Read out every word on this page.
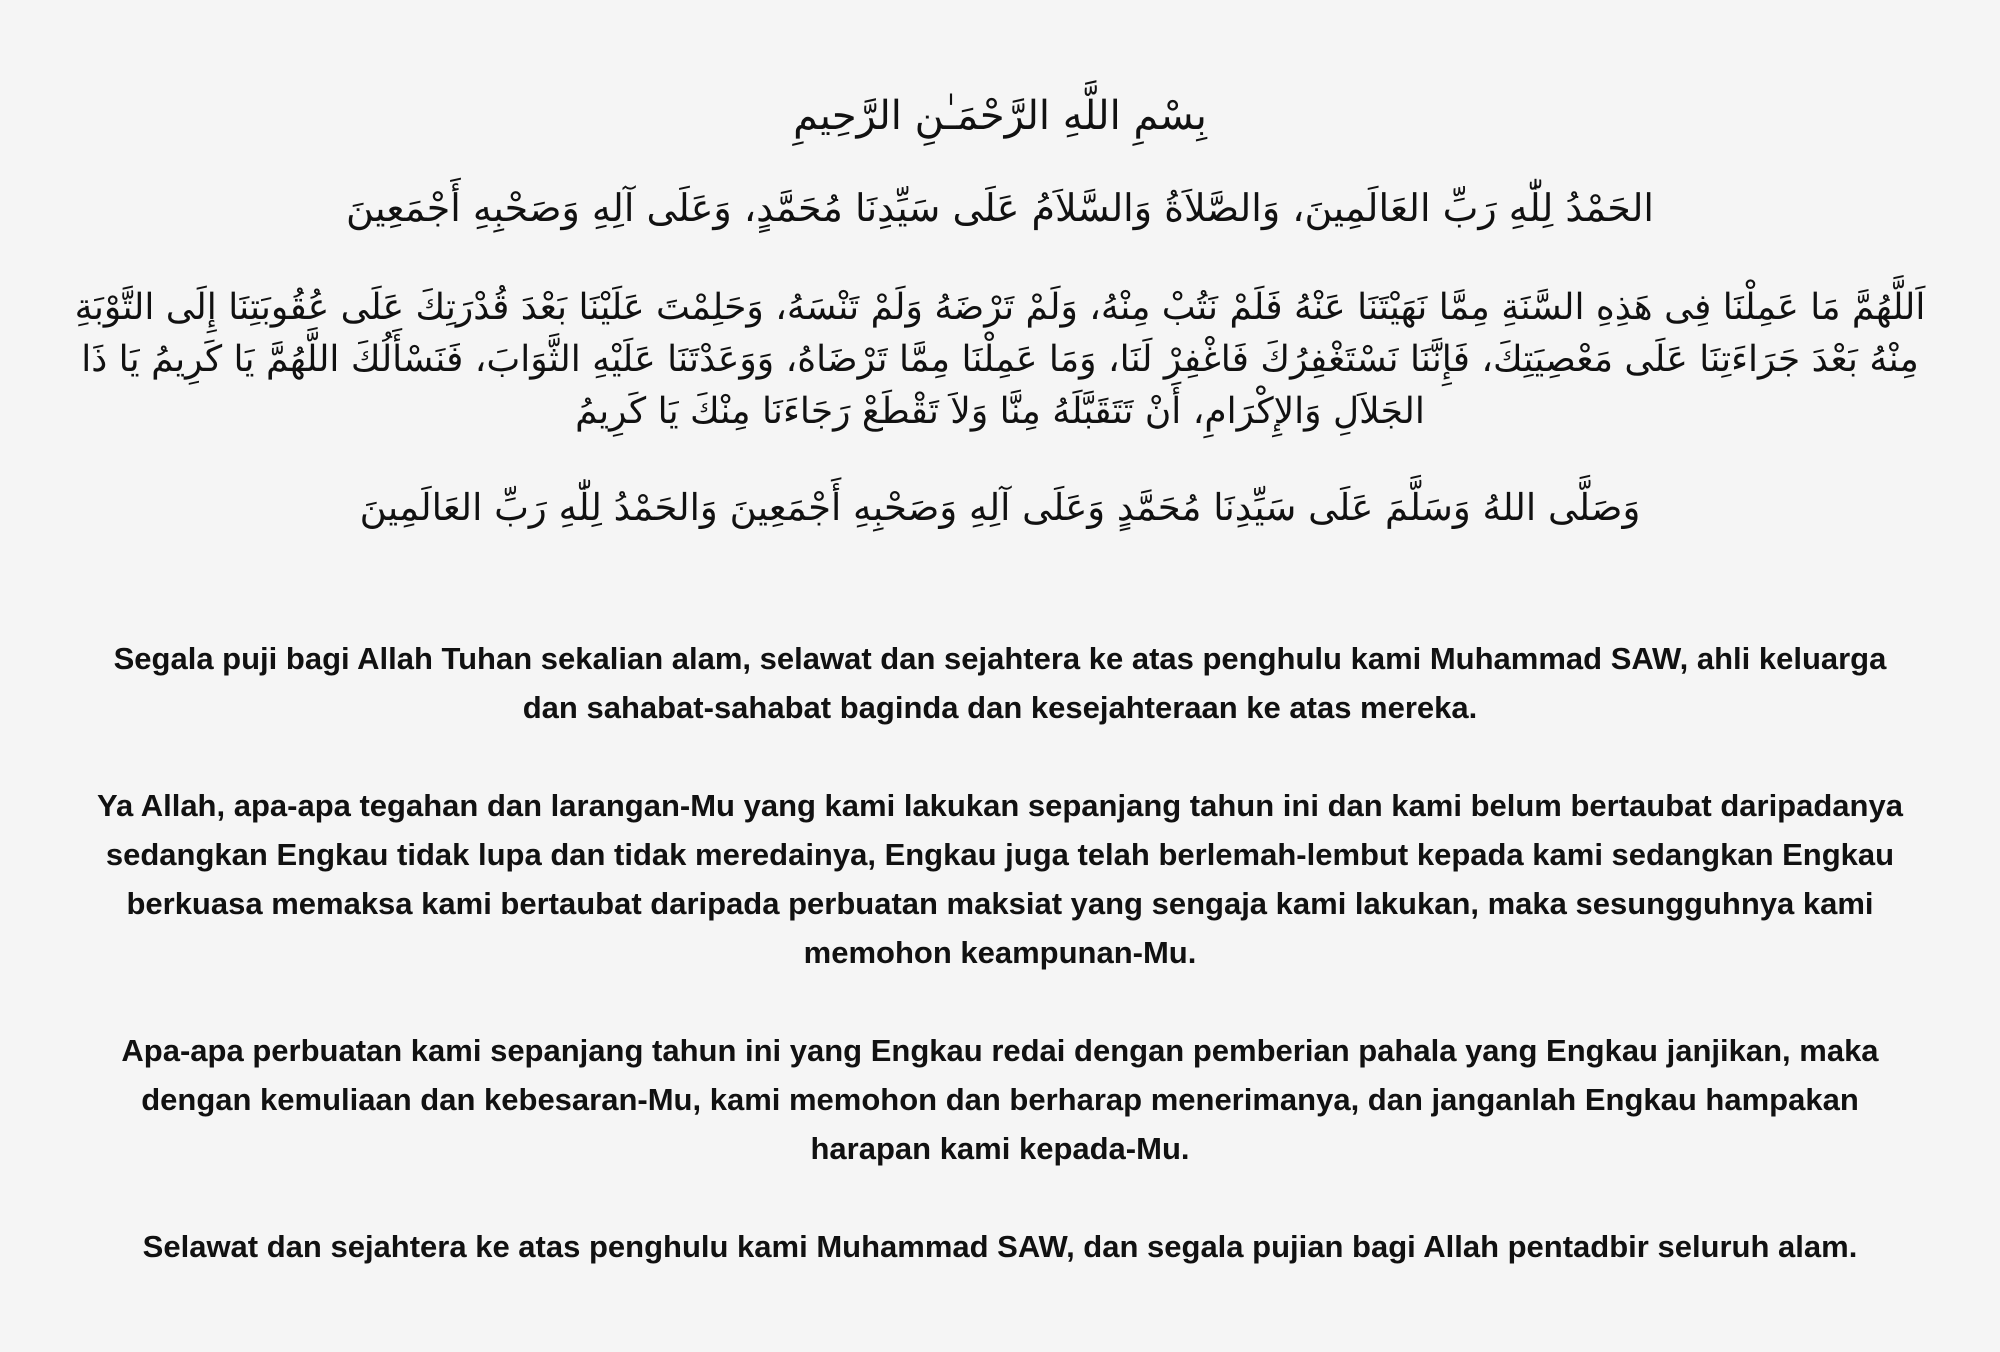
بِسْمِ اللَّهِ الرَّحْمَـٰنِ الرَّحِيمِ
الحَمْدُ لِلّٰهِ رَبِّ العَالَمِينَ، وَالصَّلاَةُ وَالسَّلاَمُ عَلَى سَيِّدِنَا مُحَمَّدٍ، وَعَلَى آلِهِ وَصَحْبِهِ أَجْمَعِينَ
اَللَّهُمَّ مَا عَمِلْنَا فِى هَذِهِ السَّنَةِ مِمَّا نَهَيْتَنَا عَنْهُ فَلَمْ نَتُبْ مِنْهُ، وَلَمْ تَرْضَهُ وَلَمْ تَنْسَهُ، وَحَلِمْتَ عَلَيْنَا بَعْدَ قُدْرَتِكَ عَلَى عُقُوبَتِنَا إِلَى التَّوْبَةِ مِنْهُ بَعْدَ جَرَاءَتِنَا عَلَى مَعْصِيَتِكَ، فَإِنَّنَا نَسْتَغْفِرُكَ فَاغْفِرْ لَنَا، وَمَا عَمِلْنَا مِمَّا تَرْضَاهُ، وَوَعَدْتَنَا عَلَيْهِ الثَّوَابَ، فَنَسْأَلُكَ اللَّهُمَّ يَا كَرِيمُ يَا ذَا الجَلاَلِ وَالإِكْرَامِ، أَنْ تَتَقَبَّلَهُ مِنَّا وَلاَ تَقْطَعْ رَجَاءَنَا مِنْكَ يَا كَرِيمُ
وَصَلَّى اللهُ وَسَلَّمَ عَلَى سَيِّدِنَا مُحَمَّدٍ وَعَلَى آلِهِ وَصَحْبِهِ أَجْمَعِينَ وَالحَمْدُ لِلّٰهِ رَبِّ العَالَمِينَ

Segala puji bagi Allah Tuhan sekalian alam, selawat dan sejahtera ke atas penghulu kami Muhammad SAW, ahli keluarga dan sahabat-sahabat baginda dan kesejahteraan ke atas mereka.

Ya Allah, apa-apa tegahan dan larangan-Mu yang kami lakukan sepanjang tahun ini dan kami belum bertaubat daripadanya sedangkan Engkau tidak lupa dan tidak meredainya, Engkau juga telah berlemah-lembut kepada kami sedangkan Engkau berkuasa memaksa kami bertaubat daripada perbuatan maksiat yang sengaja kami lakukan, maka sesungguhnya kami memohon keampunan-Mu.

Apa-apa perbuatan kami sepanjang tahun ini yang Engkau redai dengan pemberian pahala yang Engkau janjikan, maka dengan kemuliaan dan kebesaran-Mu, kami memohon dan berharap menerimanya, dan janganlah Engkau hampakan harapan kami kepada-Mu.

Selawat dan sejahtera ke atas penghulu kami Muhammad SAW, dan segala pujian bagi Allah pentadbir seluruh alam.
